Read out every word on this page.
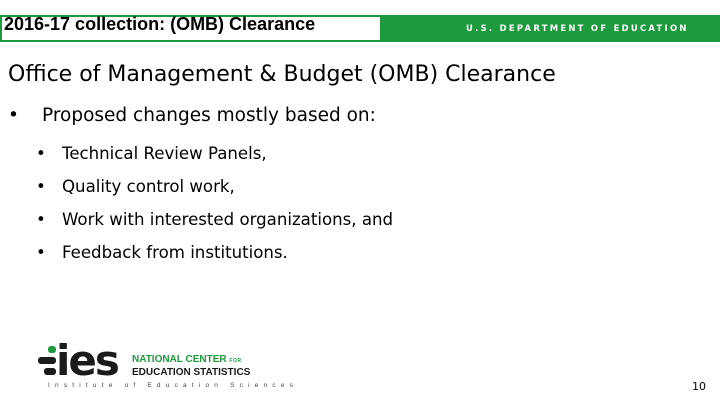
2016-17 collection: (OMB) Clearance	U.S. DEPARTMENT OF EDUCATION
Office of Management & Budget (OMB) Clearance
• Proposed changes mostly based on:
• Technical Review Panels,
• Quality control work,
• Work with interested organizations, and
• Feedback from institutions.
ies NATIONAL CENTER FOR
EDUCATION STATISTICS
Institute of Education Sciences	10
